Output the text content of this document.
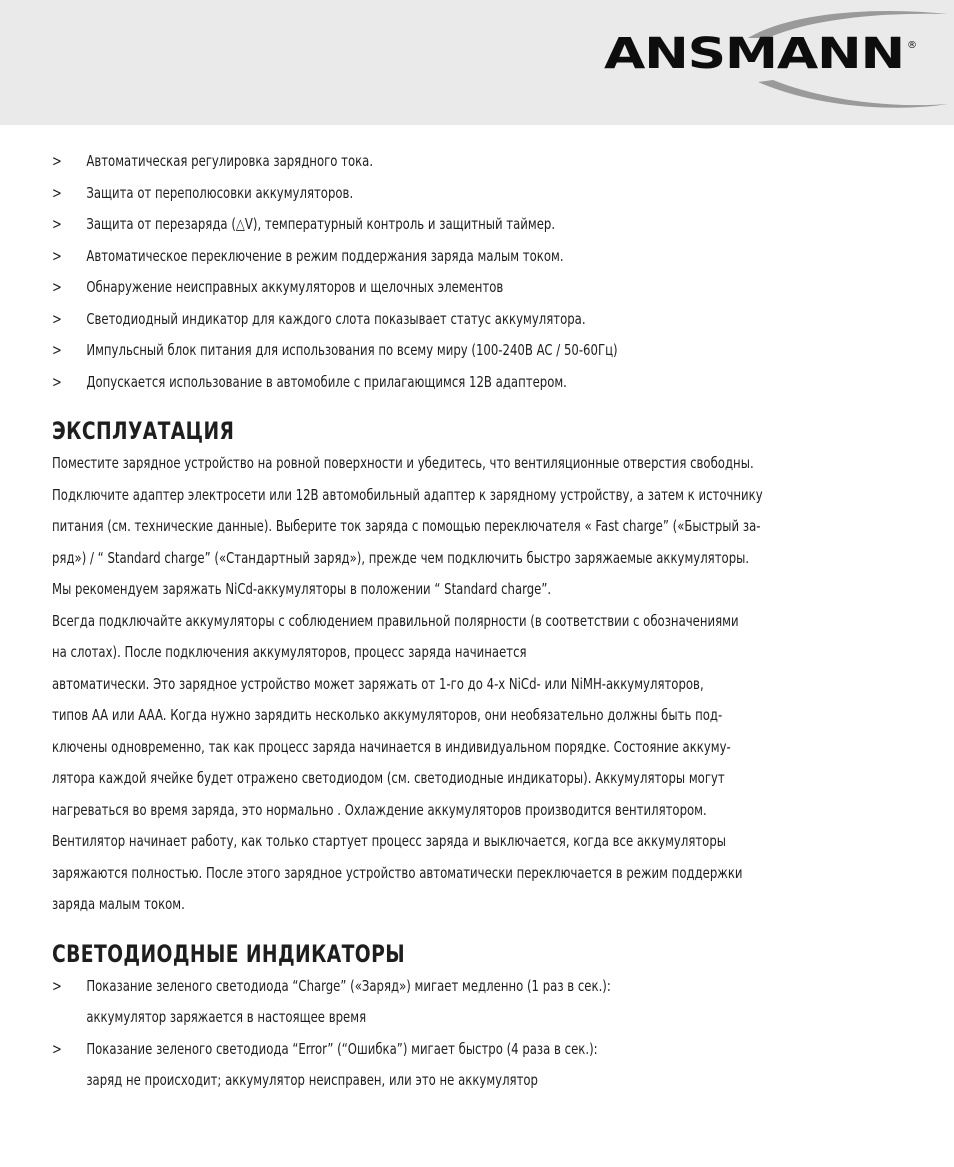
ANSMANN ®
> Автоматическая регулировка зарядного тока.
> Защита от переполюсовки аккумуляторов.
> Защита от перезаряда (△V), температурный контроль и защитный таймер.
> Автоматическое переключение в режим поддержания заряда малым током.
> Обнаружение неисправных аккумуляторов и щелочных элементов
> Светодиодный индикатор для каждого слота показывает статус аккумулятора.
> Импульсный блок питания для использования по всему миру (100-240В AC / 50-60Гц)
> Допускается использование в автомобиле с прилагающимся 12В адаптером.
ЭКСПЛУАТАЦИЯ

Поместите зарядное устройство на ровной поверхности и убедитесь, что вентиляционные отверстия свободны.
Подключите адаптер электросети или 12В автомобильный адаптер к зарядному устройству, а затем к источнику
питания (см. технические данные). Выберите ток заряда с помощью переключателя « Fast charge” («Быстрый за-
ряд») / “ Standard charge” («Стандартный заряд»), прежде чем подключить быстро заряжаемые аккумуляторы.
Мы рекомендуем заряжать NiCd-аккумуляторы в положении “ Standard charge”.
Всегда подключайте аккумуляторы с соблюдением правильной полярности (в соответствии с обозначениями
на слотах). После подключения аккумуляторов, процесс заряда начинается
автоматически. Это зарядное устройство может заряжать от 1-го до 4-х NiCd- или NiMH-аккумуляторов,
типов AA или AAA. Когда нужно зарядить несколько аккумуляторов, они необязательно должны быть под-
ключены одновременно, так как процесс заряда начинается в индивидуальном порядке. Состояние аккуму-
лятора каждой ячейке будет отражено светодиодом (см. светодиодные индикаторы). Аккумуляторы могут
нагреваться во время заряда, это нормально . Охлаждение аккумуляторов производится вентилятором.
Вентилятор начинает работу, как только стартует процесс заряда и выключается, когда все аккумуляторы
заряжаются полностью. После этого зарядное устройство автоматически переключается в режим поддержки
заряда малым током.

СВЕТОДИОДНЫЕ ИНДИКАТОРЫ
> Показание зеленого светодиода “Charge” («Заряд») мигает медленно (1 раз в сек.):
аккумулятор заряжается в настоящее время
> Показание зеленого светодиода “Error” (“Ошибка”) мигает быстро (4 раза в сек.):
заряд не происходит; аккумулятор неисправен, или это не аккумулятор
